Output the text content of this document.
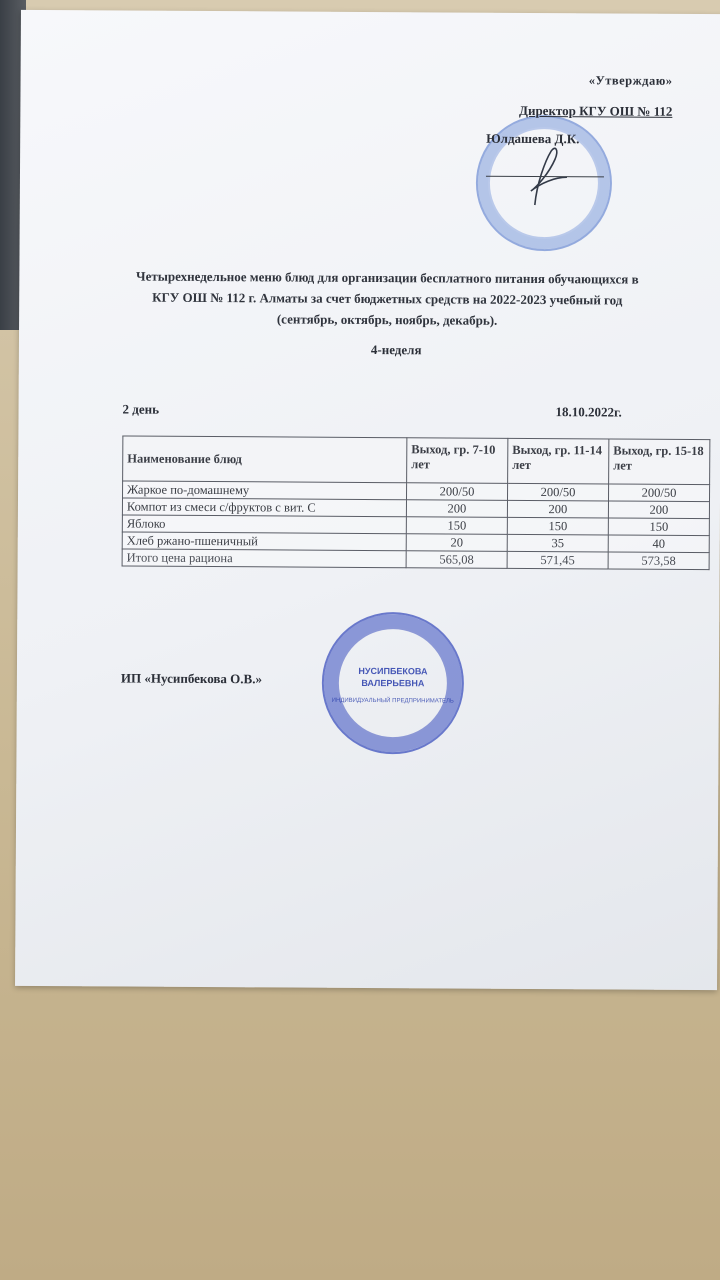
«Утверждаю»
Директор КГУ ОШ № 112
Юлдашева Д.К.
Четырехнедельное меню блюд для организации бесплатного питания обучающихся в КГУ ОШ № 112 г. Алматы за счет бюджетных средств на 2022-2023 учебный год (сентябрь, октябрь, ноябрь, декабрь).
4-неделя
2 день	18.10.2022г.
Наименование блюд	Выход, гр. 7-10 лет	Выход, гр. 11-14 лет	Выход, гр. 15-18 лет
Жаркое по-домашнему	200/50	200/50	200/50
Компот из смеси с/фруктов с вит. С	200	200	200
Яблоко	150	150	150
Хлеб ржано-пшеничный	20	35	40
Итого цена рациона	565,08	571,45	573,58
ИП «Нусипбекова О.В.»	НУСИПБЕКОВА
ВАЛЕРЬЕВНА
ИНДИВИДУАЛЬНЫЙ ПРЕДПРИНИМАТЕЛЬ
